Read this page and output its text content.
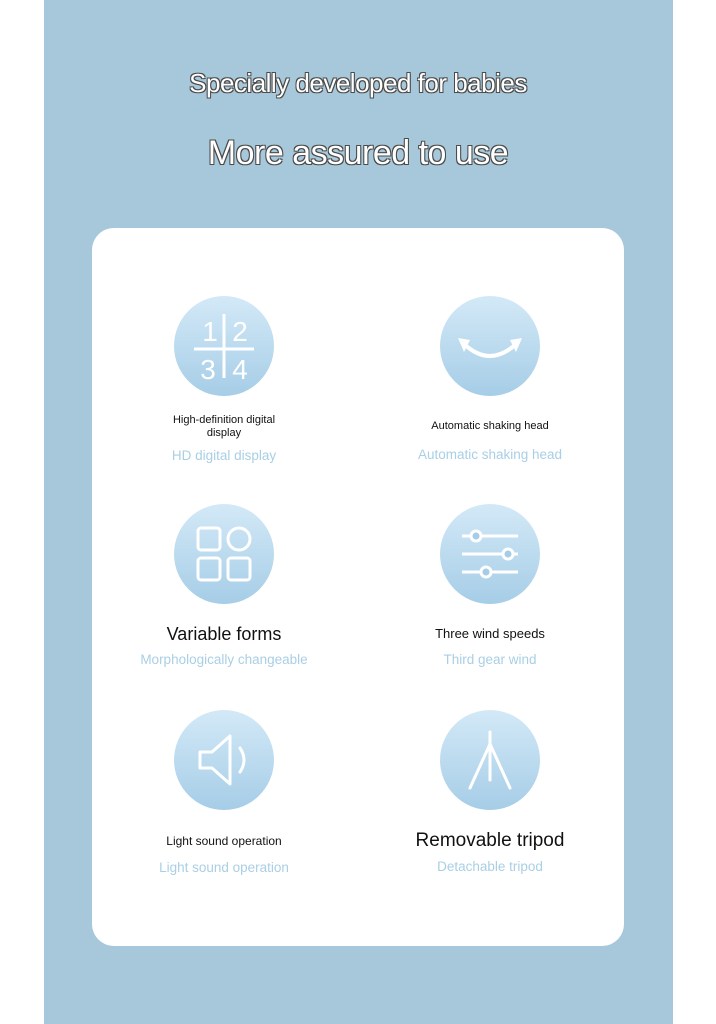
Specially developed for babies
More assured to use
1 2
3 4
High-definition digital display
HD digital display
Automatic shaking head
Automatic shaking head
Variable forms
Morphologically changeable
Three wind speeds
Third gear wind
Light sound operation
Light sound operation
Removable tripod
Detachable tripod
